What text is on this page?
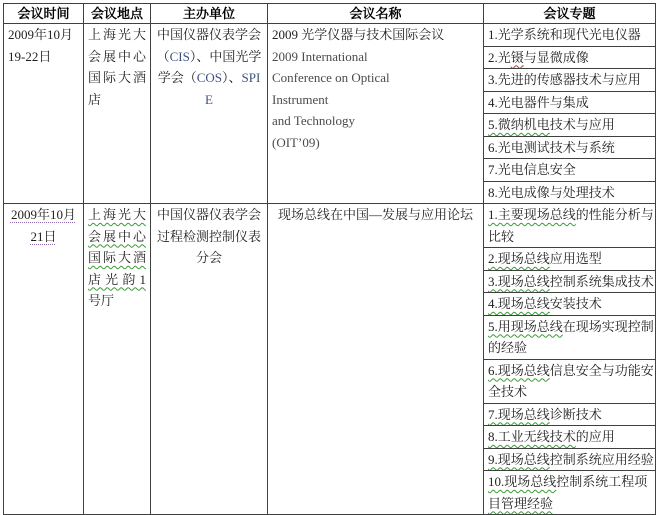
会议时间	会议地点	主办单位	会议名称	会议专题
2009年10月
19-22日	上海光大会展中心国际大酒店	中国仪器仪表学会
（CIS）、中国光学
学会（COS）、SPIE	2009 光学仪器与技术国际会议
2009 International
Conference on Optical
Instrument
and Technology
(OIT’09)	1.光学系统和现代光电仪器
				2.光镊与显微成像
				3.先进的传感器技术与应用
				4.光电器件与集成
				5.微纳机电技术与应用
				6.光电测试技术与系统
				7.光电信息安全
				8.光电成像与处理技术
2009年10月
21日	上海光大会展中心国际大酒店光韵1号厅	中国仪器仪表学会
过程检测控制仪表
分会	现场总线在中国—发展与应用论坛	1.主要现场总线的性能分析与比较
				2.现场总线应用选型
				3.现场总线控制系统集成技术
				4.现场总线安装技术
				5.用现场总线在现场实现控制的经验
				6.现场总线信息安全与功能安全技术
				7.现场总线诊断技术
				8.工业无线技术的应用
				9.现场总线控制系统应用经验
				10.现场总线控制系统工程项目管理经验
